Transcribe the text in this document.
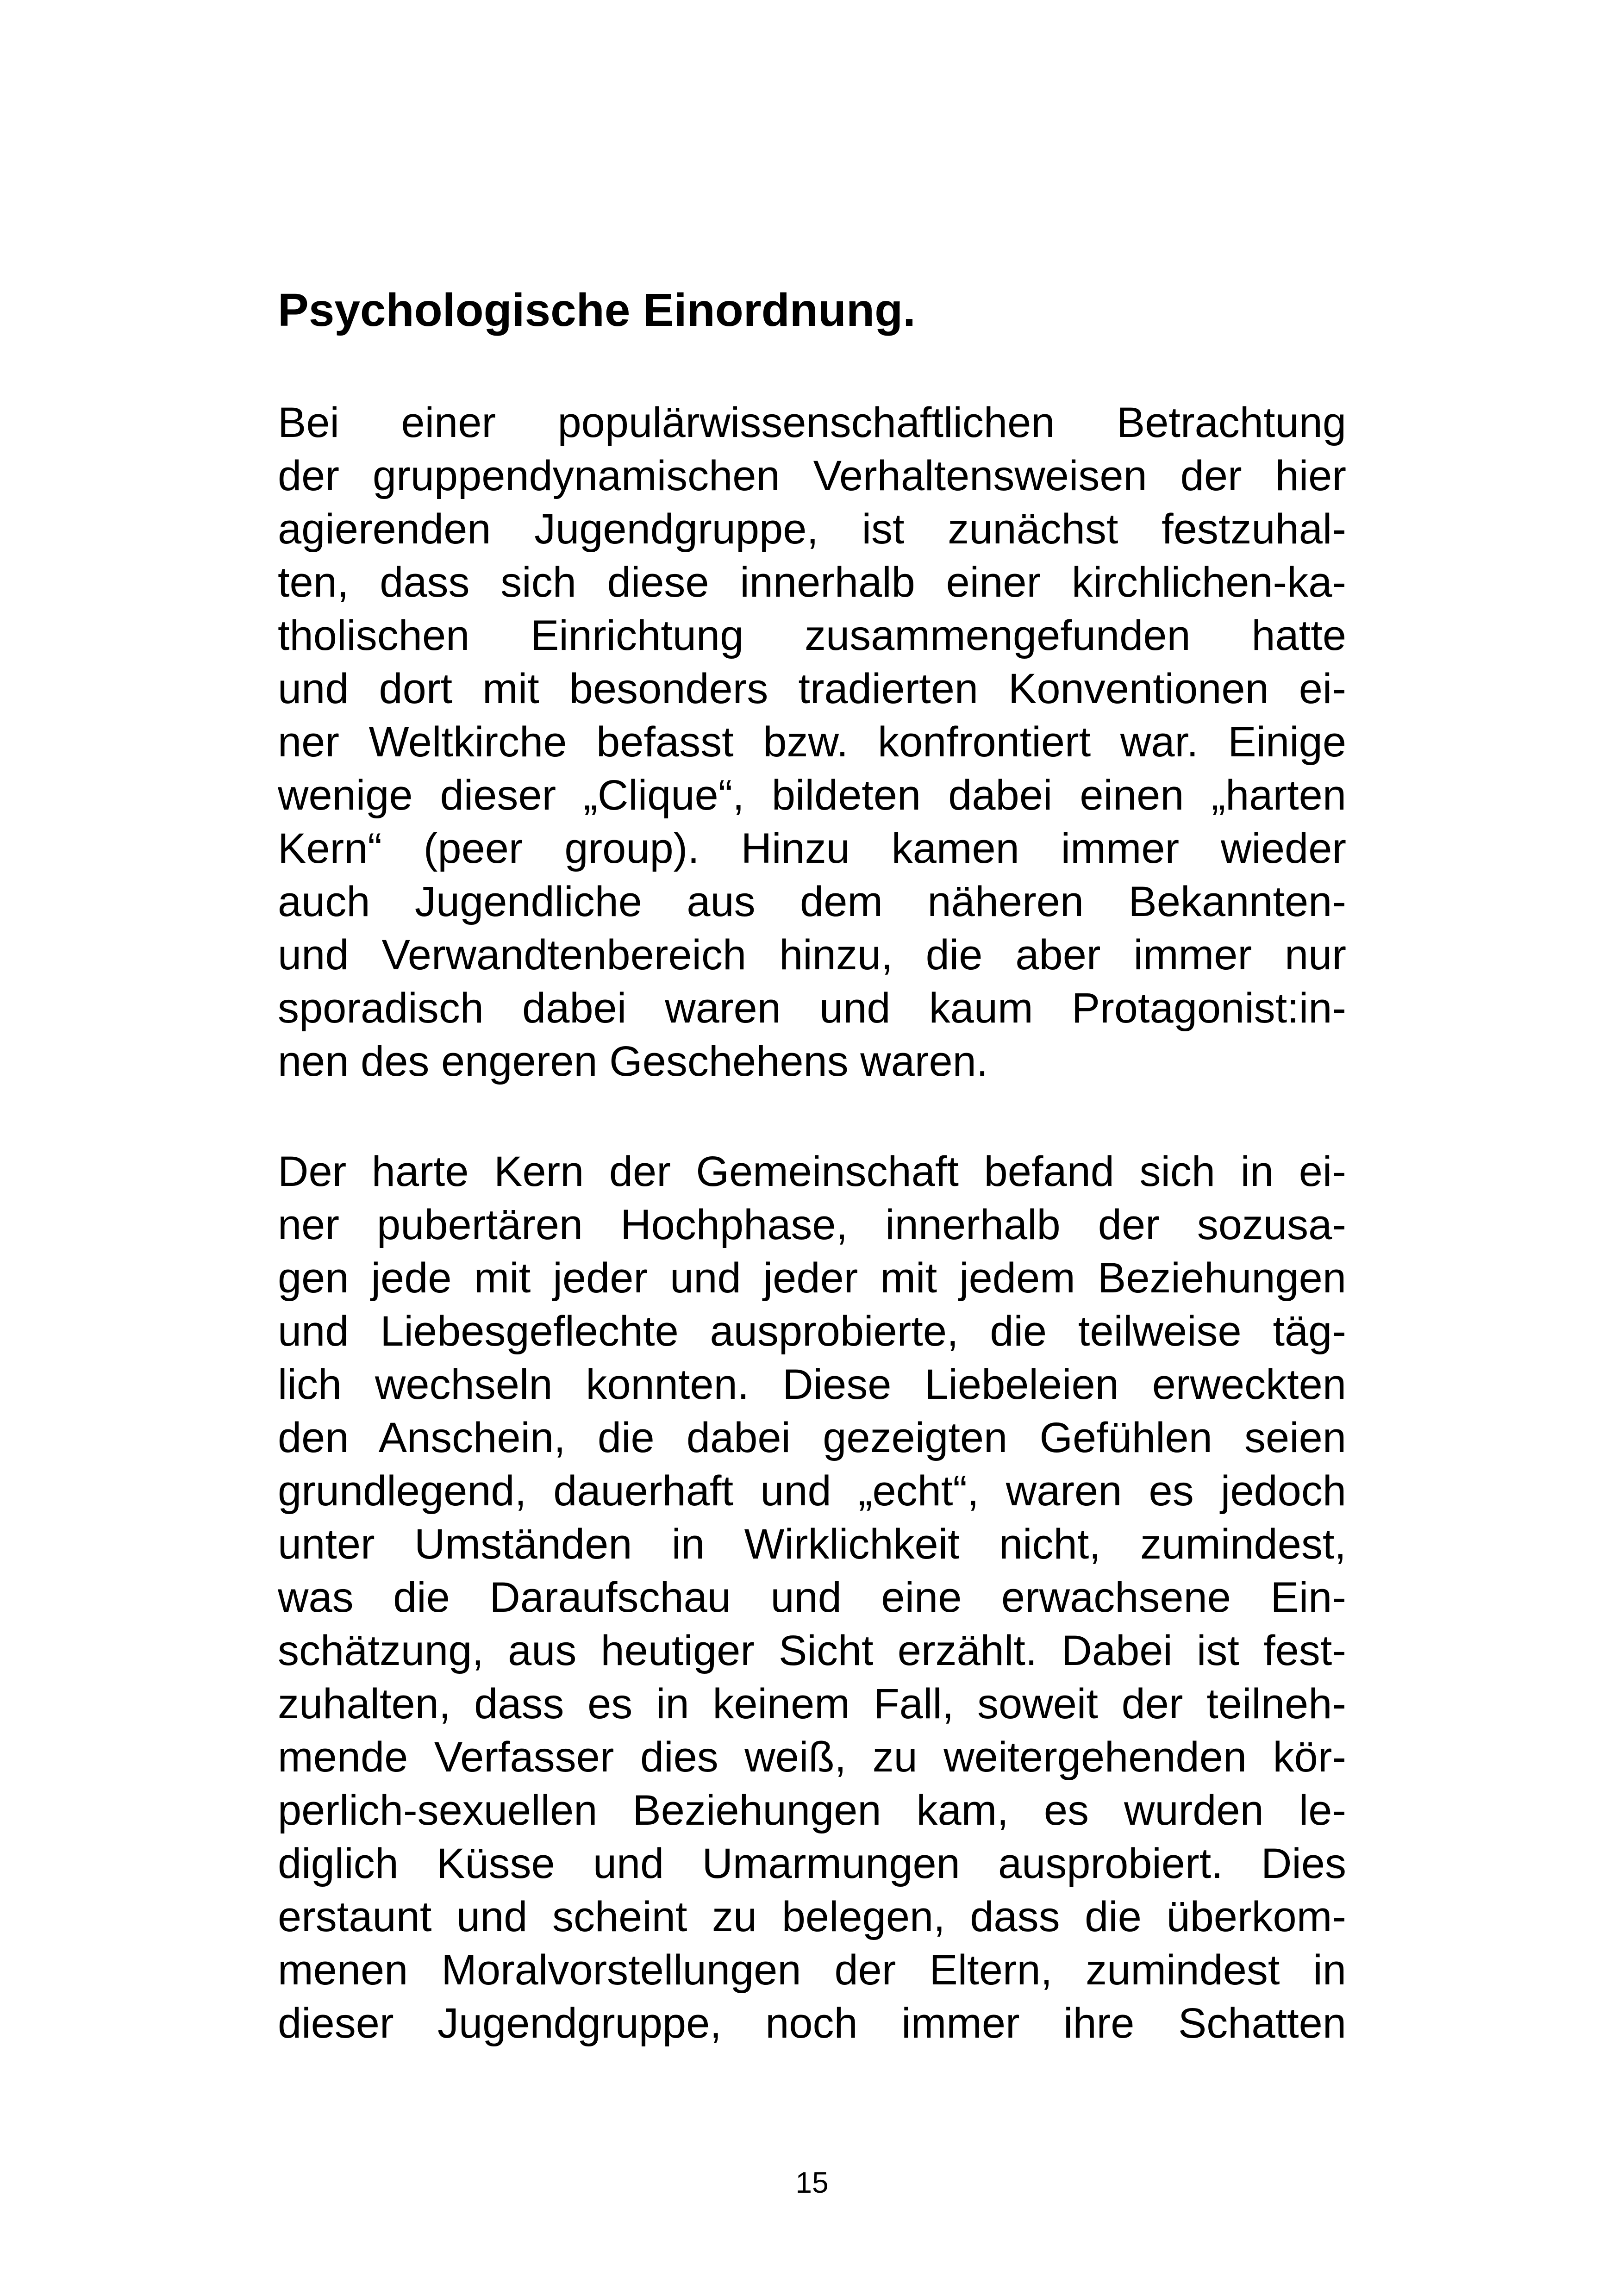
Psychologische Einordnung.
Bei einer populärwissenschaftlichen Betrachtung
der gruppendynamischen Verhaltensweisen der hier
agierenden Jugendgruppe, ist zunächst festzuhal-
ten, dass sich diese innerhalb einer kirchlichen-ka-
tholischen Einrichtung zusammengefunden hatte
und dort mit besonders tradierten Konventionen ei-
ner Weltkirche befasst bzw. konfrontiert war. Einige
wenige dieser „Clique“, bildeten dabei einen „harten
Kern“ (peer group). Hinzu kamen immer wieder
auch Jugendliche aus dem näheren Bekannten-
und Verwandtenbereich hinzu, die aber immer nur
sporadisch dabei waren und kaum Protagonist:in-
nen des engeren Geschehens waren.
Der harte Kern der Gemeinschaft befand sich in ei-
ner pubertären Hochphase, innerhalb der sozusa-
gen jede mit jeder und jeder mit jedem Beziehungen
und Liebesgeflechte ausprobierte, die teilweise täg-
lich wechseln konnten. Diese Liebeleien erweckten
den Anschein, die dabei gezeigten Gefühlen seien
grundlegend, dauerhaft und „echt“, waren es jedoch
unter Umständen in Wirklichkeit nicht, zumindest,
was die Daraufschau und eine erwachsene Ein-
schätzung, aus heutiger Sicht erzählt. Dabei ist fest-
zuhalten, dass es in keinem Fall, soweit der teilneh-
mende Verfasser dies weiß, zu weitergehenden kör-
perlich-sexuellen Beziehungen kam, es wurden le-
diglich Küsse und Umarmungen ausprobiert. Dies
erstaunt und scheint zu belegen, dass die überkom-
menen Moralvorstellungen der Eltern, zumindest in
dieser Jugendgruppe, noch immer ihre Schatten
15
